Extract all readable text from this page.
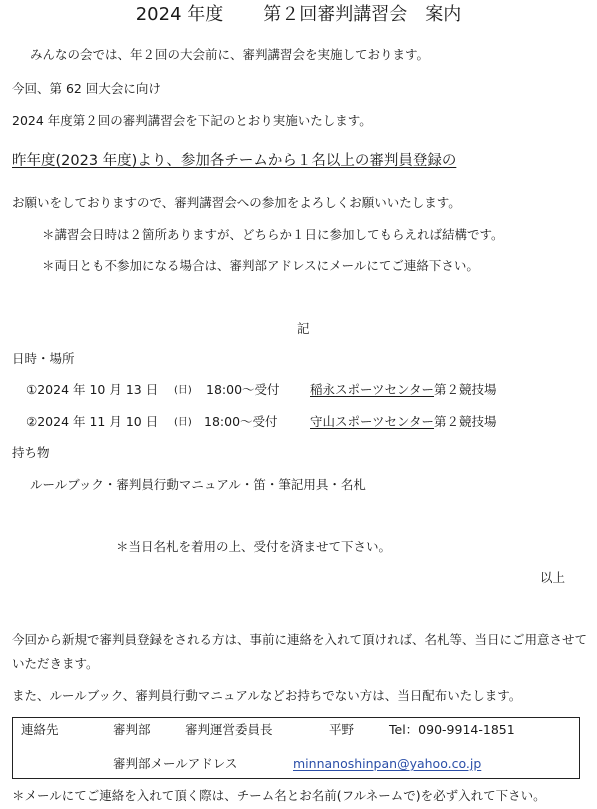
2024 年度 第２回審判講習会　案内
みんなの会では、年２回の大会前に、審判講習会を実施しております。
今回、第 62 回大会に向け
2024 年度第２回の審判講習会を下記のとおり実施いたします。
昨年度(2023 年度)より、参加各チームから１名以上の審判員登録の
お願いをしておりますので、審判講習会への参加をよろしくお願いいたします。
＊講習会日時は２箇所ありますが、どちらか１日に参加してもらえれば結構です。
＊両日とも不参加になる場合は、審判部アドレスにメールにてご連絡下さい。
記
日時・場所
①2024 年 10 月 13 日 (日) 18:00～受付 稲永スポーツセンター第２競技場
②2024 年 11 月 10 日 (日) 18:00～受付	守山スポーツセンター第２競技場
持ち物
ルールブック・審判員行動マニュアル・笛・筆記用具・名札
＊当日名札を着用の上、受付を済ませて下さい。
以上
今回から新規で審判員登録をされる方は、事前に連絡を入れて頂ければ、名札等、当日にご用意させて
いただきます。
また、ルールブック、審判員行動マニュアルなどお持ちでない方は、当日配布いたします。
連絡先	審判部	審判運営委員長	平野	Tel：090-9914-1851
審判部メールアドレス	minnanoshinpan@yahoo.co.jp
＊メールにてご連絡を入れて頂く際は、チーム名とお名前(フルネームで)を必ず入れて下さい。
